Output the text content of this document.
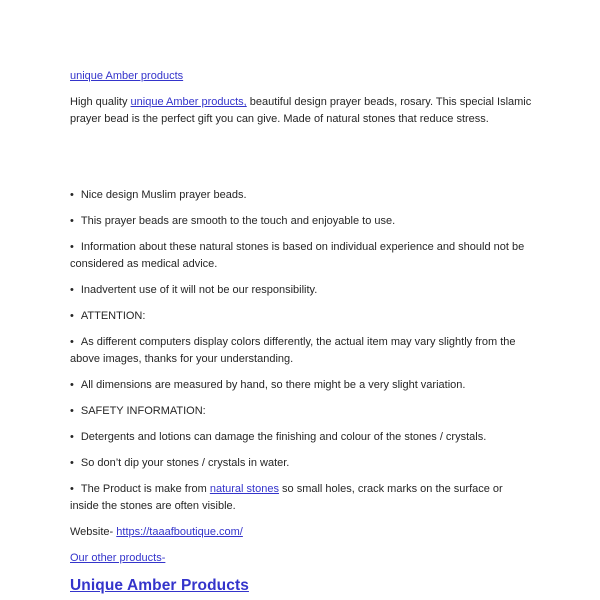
unique Amber products

High quality unique Amber products, beautiful design prayer beads, rosary. This special Islamic prayer bead is the perfect gift you can give. Made of natural stones that reduce stress.

• Nice design Muslim prayer beads.

• This prayer beads are smooth to the touch and enjoyable to use.

• Information about these natural stones is based on individual experience and should not be considered as medical advice.

• Inadvertent use of it will not be our responsibility.

• ATTENTION:

• As different computers display colors differently, the actual item may vary slightly from the above images, thanks for your understanding.

• All dimensions are measured by hand, so there might be a very slight variation.

• SAFETY INFORMATION:

• Detergents and lotions can damage the finishing and colour of the stones / crystals.

• So don’t dip your stones / crystals in water.

• The Product is make from natural stones so small holes, crack marks on the surface or inside the stones are often visible.

Website- https://taaafboutique.com/

Our other products-

Unique Amber Products
